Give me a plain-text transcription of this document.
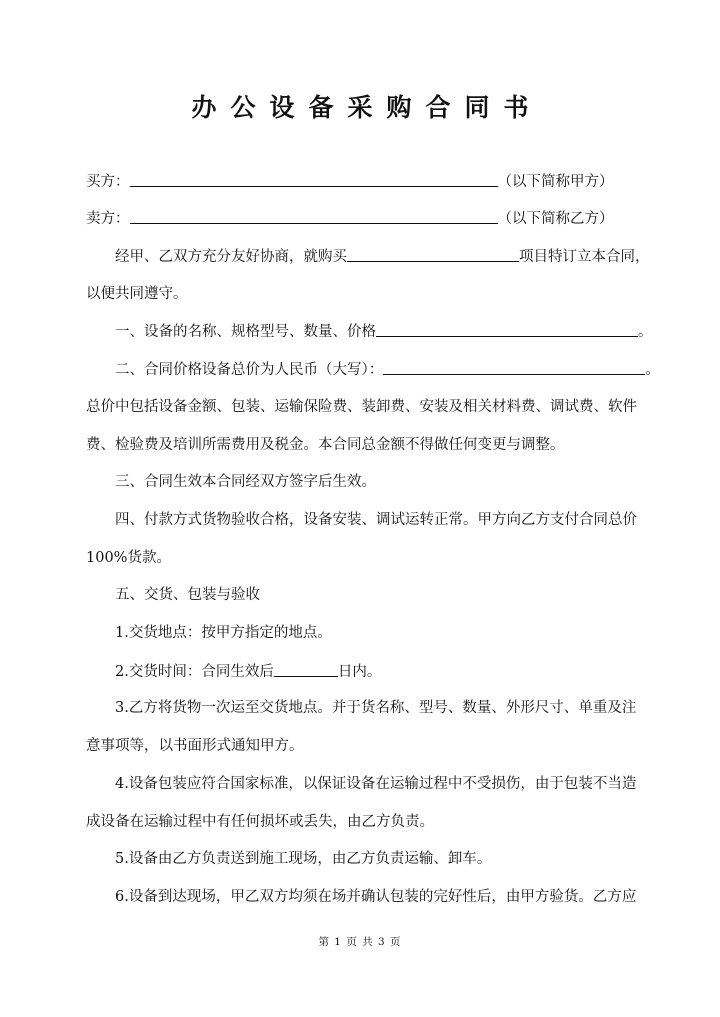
办公设备采购合同书
买方：	（以下简称甲方）
卖方：	（以下简称乙方）
经甲、乙双方充分友好协商，就购买	项目特订立本合同，
以便共同遵守。
一、设备的名称、规格型号、数量、价格	。
二、合同价格设备总价为人民币（大写）：	。
总价中包括设备金额、包装、运输保险费、装卸费、安装及相关材料费、调试费、软件
费、检验费及培训所需费用及税金。本合同总金额不得做任何变更与调整。
三、合同生效本合同经双方签字后生效。
四、付款方式货物验收合格，设备安装、调试运转正常。甲方向乙方支付合同总价
100%货款。
五、交货、包装与验收
1.交货地点：按甲方指定的地点。
2.交货时间：合同生效后	日内。
3.乙方将货物一次运至交货地点。并于货名称、型号、数量、外形尺寸、单重及注
意事项等，以书面形式通知甲方。
4.设备包装应符合国家标准，以保证设备在运输过程中不受损伤，由于包装不当造
成设备在运输过程中有任何损坏或丢失，由乙方负责。
5.设备由乙方负责送到施工现场，由乙方负责运输、卸车。
6.设备到达现场，甲乙双方均须在场并确认包装的完好性后，由甲方验货。乙方应
第 1 页 共 3 页
